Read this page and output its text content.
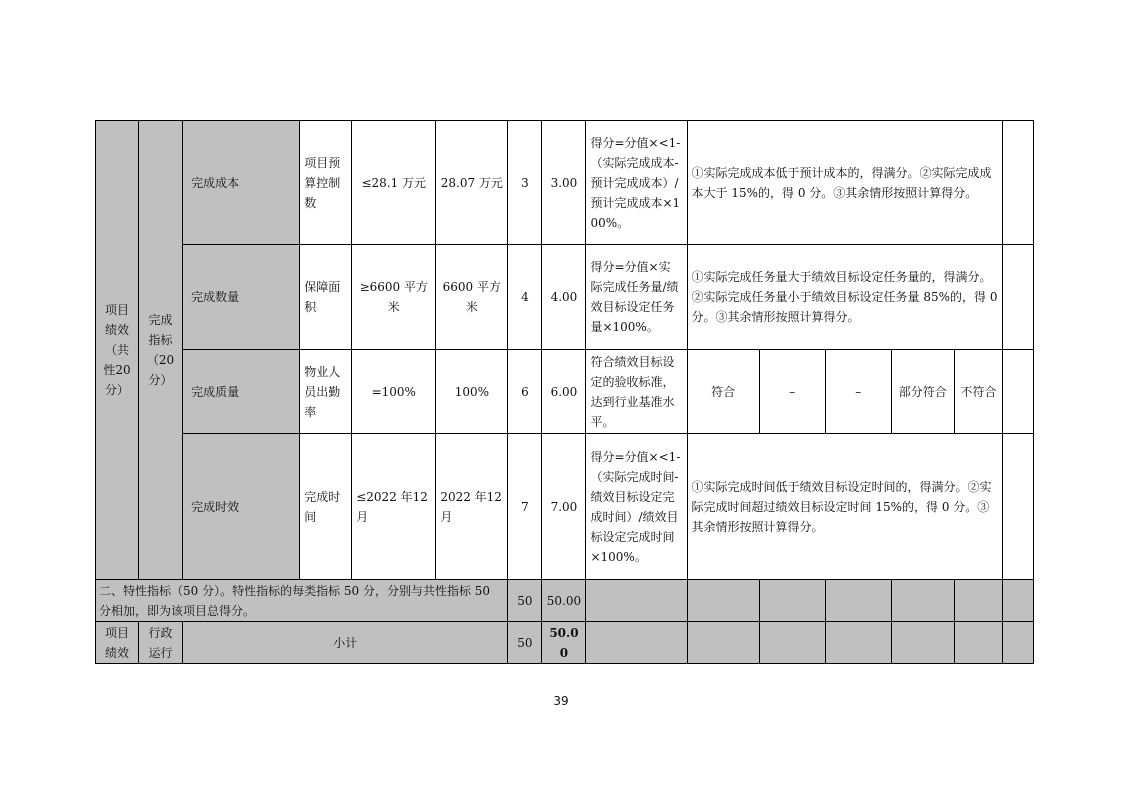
项目绩效（共性20分）	完成指标（20分）	完成成本	项目预算控制数	≤28.1 万元	28.07 万元	3	3.00	得分=分值×<1-（实际完成成本-预计完成成本）/预计完成成本×100%。	①实际完成成本低于预计成本的，得满分。②实际完成成本大于 15%的，得 0 分。③其余情形按照计算得分。					
		完成数量	保障面积	≥6600 平方米	6600 平方米	4	4.00	得分=分值×实际完成任务量/绩效目标设定任务量×100%。	①实际完成任务量大于绩效目标设定任务量的，得满分。②实际完成任务量小于绩效目标设定任务量 85%的，得 0 分。③其余情形按照计算得分。					
		完成质量	物业人员出勤率	=100%	100%	6	6.00	符合绩效目标设定的验收标准，达到行业基准水平。	符合	–	–	部分符合	不符合	
		完成时效	完成时间	≤2022 年12 月	2022 年12月	7	7.00	得分=分值×<1-（实际完成时间-绩效目标设定完成时间）/绩效目标设定完成时间×100%。	①实际完成时间低于绩效目标设定时间的，得满分。②实际完成时间超过绩效目标设定时间 15%的，得 0 分。③其余情形按照计算得分。					
二、特性指标（50 分）。特性指标的每类指标 50 分，分别与共性指标 50 分相加，即为该项目总得分。						50	50.00							
项目绩效	行政运行	小计				50	50.00							
39
